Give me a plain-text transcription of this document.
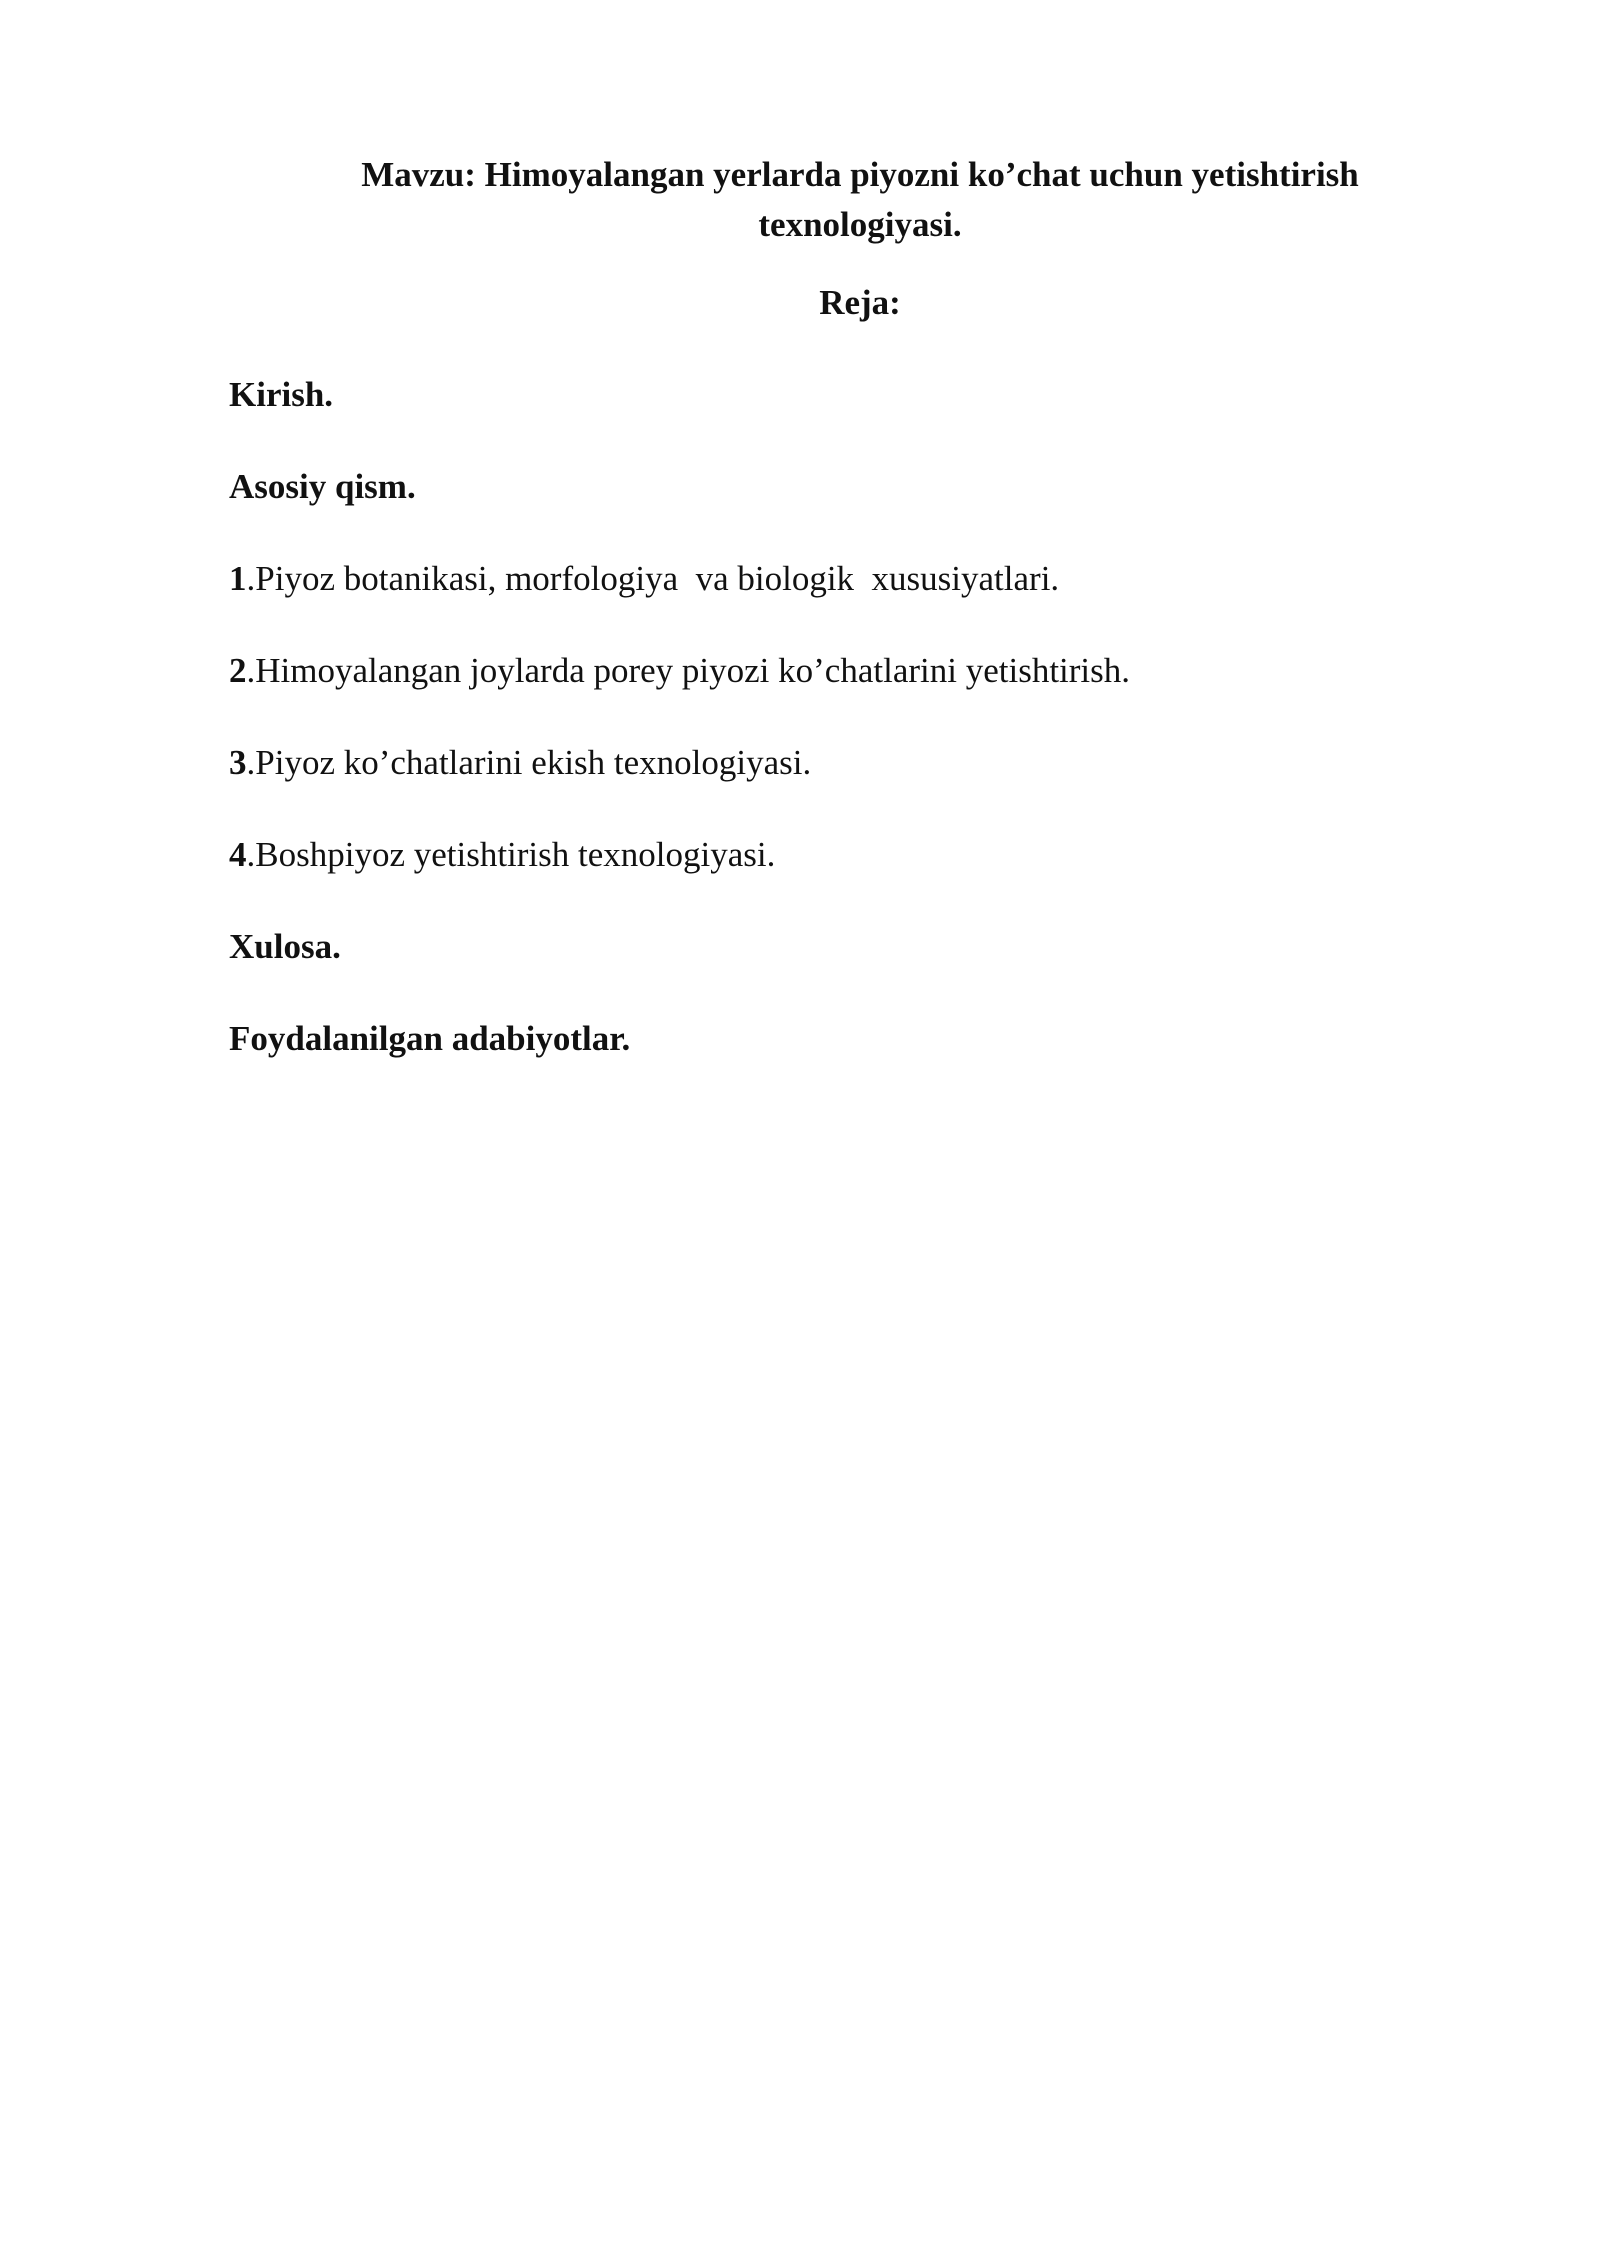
Mavzu: Himoyalangan yerlarda piyozni ko’chat uchun yetishtirish texnologiyasi.

Reja:

Kirish.

Asosiy qism.

1.Piyoz botanikasi, morfologiya  va biologik  xususiyatlari.

2.Himoyalangan joylarda porey piyozi ko’chatlarini yetishtirish.

3.Piyoz ko’chatlarini ekish texnologiyasi.

4.Boshpiyoz yetishtirish texnologiyasi.

Xulosa.

Foydalanilgan adabiyotlar.
